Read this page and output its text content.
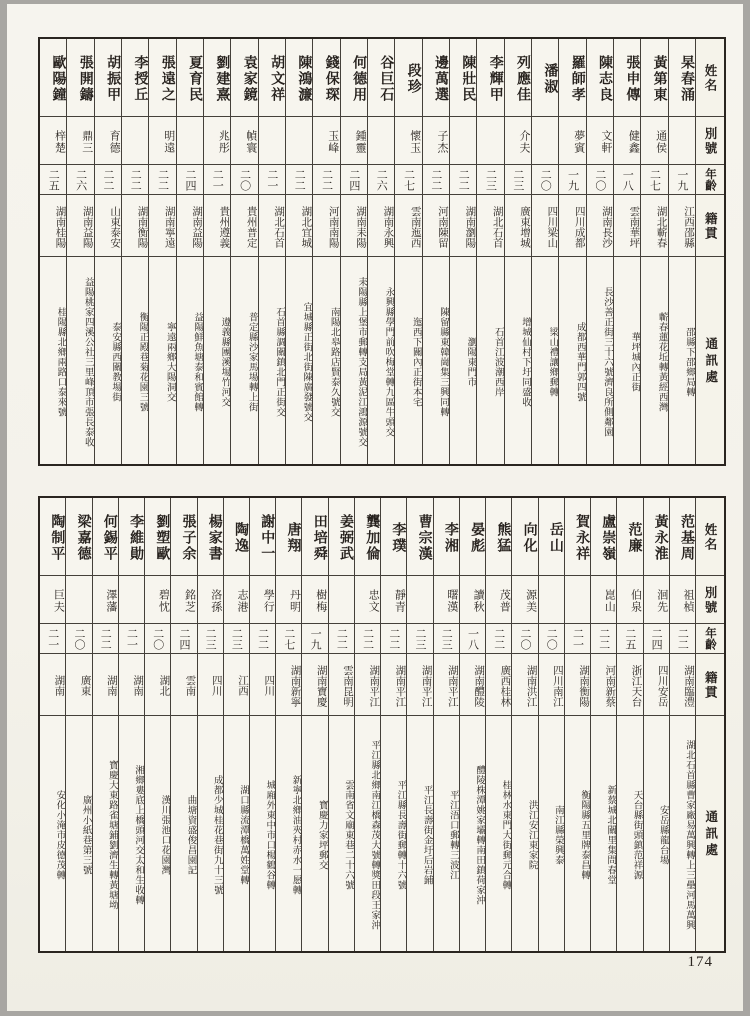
姓名
別號
年齡
籍貫
通訊處
杲春涌
一九
江西邵縣
邵縣下邵鄉局轉
黃第東
通侯
二七
湖北蘄春
蘄春蓮花坵轉黃經西灣
張申傳
健鑫
一八
雲南華坪
華坪城內正街
陳志良
文軒
二〇
湖南長沙
長沙善正街三十六號濟良所側鄰園
羅師孝
夢賓
一九
四川成都
成都西華門郭四號
潘淑
二〇
四川梁山
梁山禮讓鄉郵轉
列應佳
介夫
二三
廣東增城
增城仙村下圩同盛收
李輝甲
二三
湖北石首
石首江波潮西岸
陳壯民
二二
湖南瀏陽
瀏陽東門市
邊萬選
子杰
二二
河南陳留
陳留縣東韓崗集三興同轉
段珍
懷玉
二七
雲南迤西
迤西下關內正街本宅
谷巨石
二六
湖南永興
永興縣學門前吹梅堂轉九區牛頭交
何德用
鍾靈
二四
湖南耒陽
耒陽縣上堡市郵轉支局黃泥江鴻源號交
錢保琛
玉峰
二二
河南南陽
南陽北皋路店賢泰久號交
陳鴻濂
二二
湖北宜城
宜城縣正街北街陳廣發號交
胡文祥
二一
湖北石首
石首縣調關鎮北門正街交
袁家鏡
幀寰
二〇
貴州普定
普定縣沙家馬場轉上街
劉建熹
兆彤
二一
貴州遵義
遵義縣團溪場竹河交
夏育民
二四
湖南益陽
益陽鮮魚塘泰和賓館轉
張遠之
明遠
二二
湖南寧遠
寧遠兩鄉大陽洞交
李授丘
二二
湖南衡陽
衡陽正殿巷菊花園三號
胡振甲
育德
二二
山東泰安
泰安縣西關教場街
張開鑄
鼎三
二六
湖南益陽
益陽桃家四溪公社三里峰頂市張長泰收
歐陽鐘
梓楚
二五
湖南桂陽
桂陽縣北鄉兩路口泰來號
姓名
別號
年齡
籍貫
通訊處
范基周
祖楨
二二
湖南臨澧
湖北石首縣曹家廠易萬興轉上三壘河馬萬興
黃永淮
洄先
二四
四川安岳
安岳縣龍台場
范廉
伯泉
二五
浙江天台
天台縣街頭鎮范祥源
盧崇嶺
崑山
二二
河南新蔡
新蔡城北關里集問春堂
賀永祥
二一
湖南衡陽
衡陽縣五里牌泰昌轉
岳山
二〇
四川南江
南江縣榮興泰
向化
源美
二〇
湖南洪江
洪江安江東家院
熊猛
茂普
二二
廣西桂林
桂林水東門大街郵元合轉
晏彪
讀秋
一八
湖南醴陵
醴陵株潭姚家壩轉南田鎮荷家沖
李湘
曙漢
二三
湖南平江
平江浯口郵轉三波江
曹宗漢
二三
湖南平江
平江長壽街金圩后岩鋪
李璞
靜青
二二
湖南平江
平江縣長壽街郵轉十六號
龔加倫
忠文
二二
湖南平江
平江縣北鄉南江橋森茂大號轉獎田段王家沖
姜弼武
二二
雲南昆明
雲南省文廟東巷二十六號
田培舜
樹梅
一九
湖南寶慶
寶慶力家坪郵交
唐翔
丹明
二七
湖南新寧
新寧北鄉油夾村赤水一愿轉
謝中一
學行
二二
四川
城廂外東中市口楊鶴谷轉
陶逸
志港
二三
江西
湖口縣流潭橋萬姓堂轉
楊家書
洛孫
二三
四川
成都少城桂花巷街九十三號
張子余
銘芝
二四
雲南
曲塘資盛俊昌園記
劉塑歐
碧忱
二〇
湖北
漢川張池口花園灣
李維勛
二一
湖南
湘鄉婁底上橋頭河交太和生收轉
何錫平
澤藩
二二
湖南
寶慶大東路雀塘鋪劉濟生轉黃塘坳
梁嘉德
二〇
廣東
廣州小紙巷第三號
陶制平
巨夫
二一
湖南
安化小淹市皮德茂轉
174
